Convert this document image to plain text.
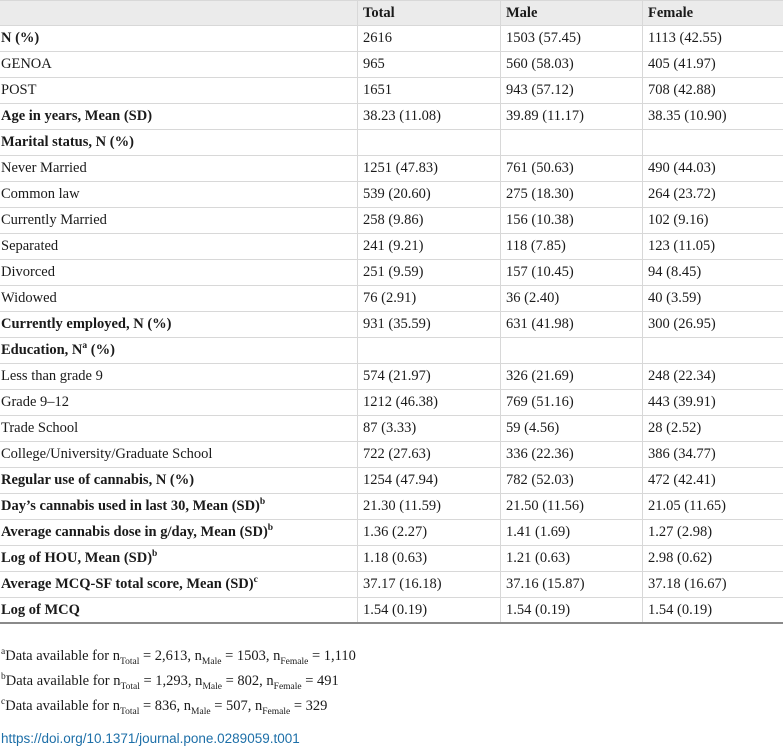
Total	Male	Female
N (%)	2616	1503 (57.45)	1113 (42.55)
GENOA	965	560 (58.03)	405 (41.97)
POST	1651	943 (57.12)	708 (42.88)
Age in years, Mean (SD)	38.23 (11.08)	39.89 (11.17)	38.35 (10.90)
Marital status, N (%)
Never Married	1251 (47.83)	761 (50.63)	490 (44.03)
Common law	539 (20.60)	275 (18.30)	264 (23.72)
Currently Married	258 (9.86)	156 (10.38)	102 (9.16)
Separated	241 (9.21)	118 (7.85)	123 (11.05)
Divorced	251 (9.59)	157 (10.45)	94 (8.45)
Widowed	76 (2.91)	36 (2.40)	40 (3.59)
Currently employed, N (%)	931 (35.59)	631 (41.98)	300 (26.95)
Education, $N^a$ (%)
Less than grade 9	574 (21.97)	326 (21.69)	248 (22.34)
Grade 9–12	1212 (46.38)	769 (51.16)	443 (39.91)
Trade School	87 (3.33)	59 (4.56)	28 (2.52)
College/University/Graduate School	722 (27.63)	336 (22.36)	386 (34.77)
Regular use of cannabis, N (%)	1254 (47.94)	782 (52.03)	472 (42.41)
Day’s cannabis used in last 30, Mean (SD)$^b$	21.30 (11.59)	21.50 (11.56)	21.05 (11.65)
Average cannabis dose in g/day, Mean (SD)$^b$	1.36 (2.27)	1.41 (1.69)	1.27 (2.98)
Log of HOU, Mean (SD)$^b$	1.18 (0.63)	1.21 (0.63)	2.98 (0.62)
Average MCQ-SF total score, Mean (SD)$^c$	37.17 (16.18)	37.16 (15.87)	37.18 (16.67)
Log of MCQ	1.54 (0.19)	1.54 (0.19)	1.54 (0.19)
$^a$Data available for $n_{Total} = 2,613$, $n_{Male} = 1503$, $n_{Female} = 1,110$
$^b$Data available for $n_{Total} = 1,293$, $n_{Male} = 802$, $n_{Female} = 491$
$^c$Data available for $n_{Total} = 836$, $n_{Male} = 507$, $n_{Female} = 329$
https://doi.org/10.1371/journal.pone.0289059.t001
